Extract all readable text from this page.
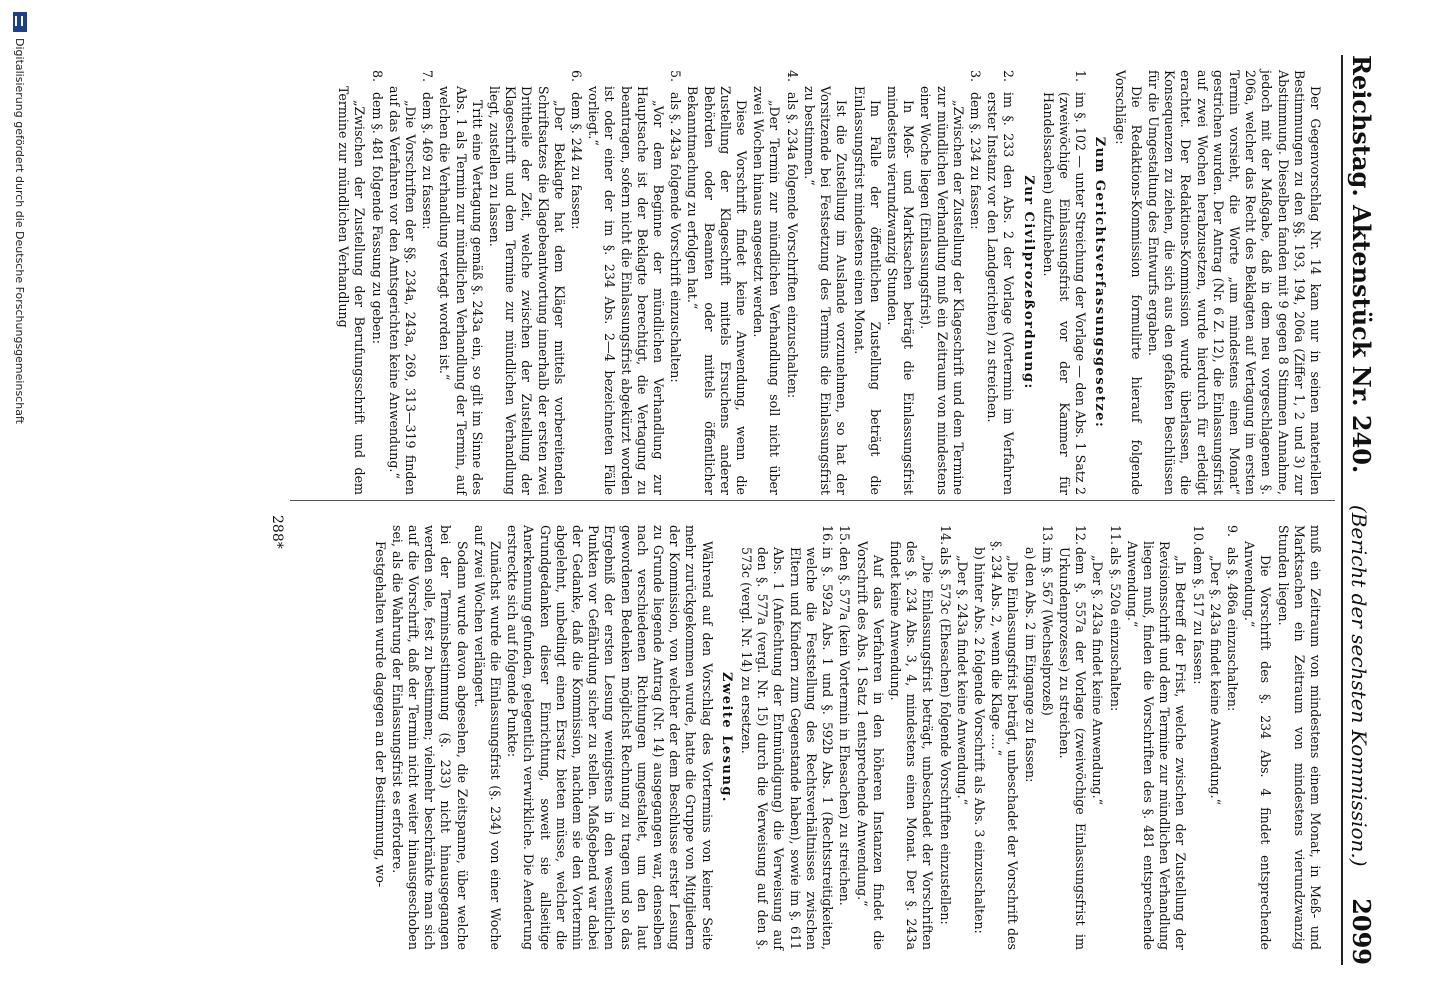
Reichstag. Aktenstück Nr. 240.
(Bericht der sechsten Kommission.)
2099

Der Gegenvorschlag Nr. 14 kam nur in seinen materiellen Bestimmungen zu den §§. 193, 194, 206a (Ziffer 1, 2 und 3) zur Abstimmung. Dieselben fanden mit 9 gegen 8 Stimmen Annahme, jedoch mit der Maßgabe, daß in dem neu vorgeschlagenen §. 206a, welcher das Recht des Beklagten auf Vertagung im ersten Termin vorsieht, die Worte „um mindestens einen Monat“ gestrichen wurden. Der Antrag (Nr. 6 Z. 12), die Einlassungsfrist auf zwei Wochen herabzusetzen, wurde hierdurch für erledigt erachtet. Der Redaktions-Kommission wurde überlassen, die Konsequenzen zu ziehen, die sich aus den gefaßten Beschlüssen für die Umgestaltung des Entwurfs ergaben.

Die Redaktions-Kommission formulirte hierauf folgende Vorschläge:

Zum Gerichtsverfassungsgesetze:
1.
im §. 102 — unter Streichung der Vorlage — den Abs. 1 Satz 2 (zweiwöchige Einlassungsfrist vor der Kammer für Handelssachen) aufzuheben.
Zur Civilprozeßordnung:
2.
im §. 233 den Abs. 2 der Vorlage (Vortermin im Verfahren erster Instanz vor den Landgerichten) zu streichen.
3.
dem §. 234 zu fassen:

„Zwischen der Zustellung der Klageschrift und dem Termine zur mündlichen Verhandlung muß ein Zeitraum von mindestens einer Woche liegen (Einlassungsfrist).

In Meß- und Marktsachen beträgt die Einlassungsfrist mindestens vierundzwanzig Stunden.

Im Falle der öffentlichen Zustellung beträgt die Einlassungsfrist mindestens einen Monat.

Ist die Zustellung im Auslande vorzunehmen, so hat der Vorsitzende bei Festsetzung des Termins die Einlassungsfrist zu bestimmen.“

4.
als §. 234a folgende Vorschriften einzuschalten:

„Der Termin zur mündlichen Verhandlung soll nicht über zwei Wochen hinaus angesetzt werden.

Diese Vorschrift findet keine Anwendung, wenn die Zustellung der Klageschrift mittels Ersuchens anderer Behörden oder Beamten oder mittels öffentlicher Bekanntmachung zu erfolgen hat.“

5.
als §. 243a folgende Vorschrift einzuschalten:

„Vor dem Beginne der mündlichen Verhandlung zur Hauptsache ist der Beklagte berechtigt, die Vertagung zu beantragen, sofern nicht die Einlassungsfrist abgekürzt worden ist oder einer der im §. 234 Abs. 2—4 bezeichneten Fälle vorliegt.“

6.
dem §. 244 zu fassen:

„Der Beklagte hat dem Kläger mittels vorbereitenden Schriftsatzes die Klagebeantwortung innerhalb der ersten zwei Drittheile der Zeit, welche zwischen der Zustellung der Klageschrift und dem Termine zur mündlichen Verhandlung liegt, zustellen zu lassen.

Tritt eine Vertagung gemäß §. 243a ein, so gilt im Sinne des Abs. 1 als Termin zur mündlichen Verhandlung der Termin, auf welchen die Verhandlung vertagt worden ist.“

7.
dem §. 469 zu fassen:

„Die Vorschriften der §§. 234a, 243a, 269, 313—319 finden auf das Verfahren vor den Amtsgerichten keine Anwendung.“

8.
dem §. 481 folgende Fassung zu geben:

„Zwischen der Zustellung der Berufungsschrift und dem Termine zur mündlichen Verhandlung

muß ein Zeitraum von mindestens einem Monat, in Meß- und Marktsachen ein Zeitraum von mindestens vierundzwanzig Stunden liegen.

Die Vorschrift des §. 234 Abs. 4 findet entsprechende Anwendung.“

9.
als §. 486a einzuschalten:

„Der §. 243a findet keine Anwendung.“

10.
dem §. 517 zu fassen:

„In Betreff der Frist, welche zwischen der Zustellung der Revisionsschrift und dem Termine zur mündlichen Verhandlung liegen muß, finden die Vorschriften des §. 481 entsprechende Anwendung.“

11.
als §. 520a einzuschalten:

„Der §. 243a findet keine Anwendung.“

12.
dem §. 557a der Vorlage (zweiwöchige Einlassungsfrist im Urkundenprozesse) zu streichen.
13.
im §. 567 (Wechselprozeß)
a)
den Abs. 2 im Eingange zu fassen:

„Die Einlassungsfrist beträgt, unbeschadet der Vorschrift des §. 234 Abs. 2, wenn die Klage ....“

b)
hinter Abs. 2 folgende Vorschrift als Abs. 3 einzuschalten:

„Der §. 243a findet keine Anwendung.“

14.
als §. 573c (Ehesachen) folgende Vorschriften einzustellen:

„Die Einlassungsfrist beträgt, unbeschadet der Vorschriften des §. 234 Abs. 3, 4, mindestens einen Monat. Der §. 243a findet keine Anwendung.

Auf das Verfahren in den höheren Instanzen findet die Vorschrift des Abs. 1 Satz 1 entsprechende Anwendung.“

15.
den §. 577a (kein Vortermin in Ehesachen) zu streichen.
16.
in §. 592a Abs. 1 und §. 592b Abs. 1 (Rechtsstreitigkeiten, welche die Feststellung des Rechtsverhältnisses zwischen Eltern und Kindern zum Gegenstande haben), sowie im §. 611 Abs. 1 (Anfechtung der Entmündigung) die Verweisung auf den §. 577a (vergl. Nr. 15) durch die Verweisung auf den §. 573c (vergl. Nr. 14) zu ersetzen.
Zweite Lesung.

Während auf den Vorschlag des Vortermins von keiner Seite mehr zurückgekommen wurde, hatte die Gruppe von Mitgliedern der Kommission, von welcher der dem Beschlusse erster Lesung zu Grunde liegende Antrag (Nr. 14) ausgegangen war, denselben nach verschiedenen Richtungen umgestaltet, um den laut gewordenen Bedenken möglichst Rechnung zu tragen und so das Ergebniß der ersten Lesung wenigstens in den wesentlichen Punkten vor Gefährdung sicher zu stellen. Maßgebend war dabei der Gedanke, daß die Kommission, nachdem sie den Vortermin abgelehnt, unbedingt einen Ersatz bieten müsse, welcher die Grundgedanken dieser Einrichtung, soweit sie allseitige Anerkennung gefunden, gelegentlich verwirkliche. Die Aenderung erstreckte sich auf folgende Punkte:

Zunächst wurde die Einlassungsfrist (§. 234) von einer Woche auf zwei Wochen verlängert.

Sodann wurde davon abgesehen, die Zeitspanne, über welche bei der Terminsbestimmung (§. 233) nicht hinausgegangen werden solle, fest zu bestimmen; vielmehr beschränkte man sich auf die Vorschrift, daß der Termin nicht weiter hinausgeschoben sei, als die Wahrung der Einlassungsfrist es erfordere.

Festgehalten wurde dagegen an der Bestimmung, wo-

288*
Digitalisierung gefördert durch die Deutsche Forschungsgemeinschaft
